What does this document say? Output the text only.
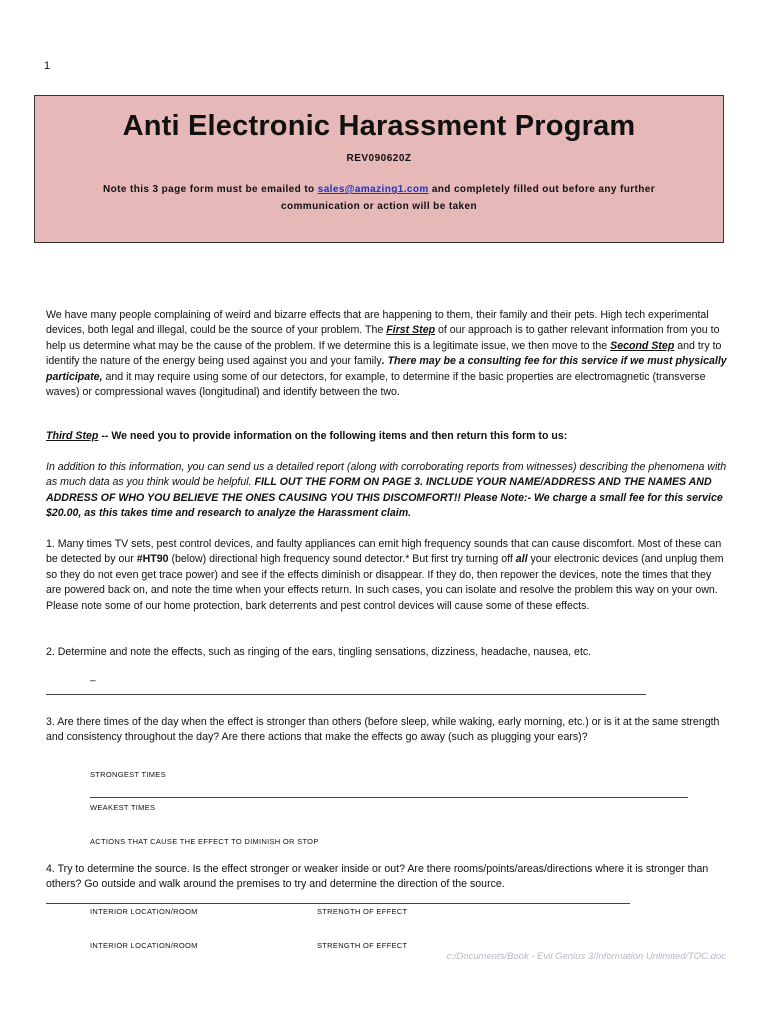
1
Anti Electronic Harassment Program
REV090620Z
Note this 3 page form must be emailed to sales@amazing1.com and completely filled out before any further communication or action will be taken

We have many people complaining of weird and bizarre effects that are happening to them, their family and their pets. High tech experimental devices, both legal and illegal, could be the source of your problem. The First Step of our approach is to gather relevant information from you to help us determine what may be the cause of the problem. If we determine this is a legitimate issue, we then move to the Second Step and try to identify the nature of the energy being used against you and your family. There may be a consulting fee for this service if we must physically participate, and it may require using some of our detectors, for example, to determine if the basic properties are electromagnetic (transverse waves) or compressional waves (longitudinal) and identify between the two.

Third Step -- We need you to provide information on the following items and then return this form to us:

In addition to this information, you can send us a detailed report (along with corroborating reports from witnesses) describing the phenomena with as much data as you think would be helpful. FILL OUT THE FORM ON PAGE 3. INCLUDE YOUR NAME/ADDRESS AND THE NAMES AND ADDRESS OF WHO YOU BELIEVE THE ONES CAUSING YOU THIS DISCOMFORT!! Please Note:- We charge a small fee for this service $20.00, as this takes time and research to analyze the Harassment claim.

1. Many times TV sets, pest control devices, and faulty appliances can emit high frequency sounds that can cause discomfort. Most of these can be detected by our #HT90 (below) directional high frequency sound detector.* But first try turning off all your electronic devices (and unplug them so they do not even get trace power) and see if the effects diminish or disappear. If they do, then repower the devices, note the times that they are powered back on, and note the time when your effects return. In such cases, you can isolate and resolve the problem this way on your own. Please note some of our home protection, bark deterrents and pest control devices will cause some of these effects.

2. Determine and note the effects, such as ringing of the ears, tingling sensations, dizziness, headache, nausea, etc.
_
3. Are there times of the day when the effect is stronger than others (before sleep, while waking, early morning, etc.) or is it at the same strength and consistency throughout the day? Are there actions that make the effects go away (such as plugging your ears)?
STRONGEST TIMES
WEAKEST TIMES
ACTIONS THAT CAUSE THE EFFECT TO DIMINISH OR STOP
4. Try to determine the source. Is the effect stronger or weaker inside or out? Are there rooms/points/areas/directions where it is stronger than others? Go outside and walk around the premises to try and determine the direction of the source.
INTERIOR LOCATION/ROOM	STRENGTH OF EFFECT
INTERIOR LOCATION/ROOM	STRENGTH OF EFFECT
c:/Documents/Book - Evil Genius 3/Information Unlimited/TOC.doc
